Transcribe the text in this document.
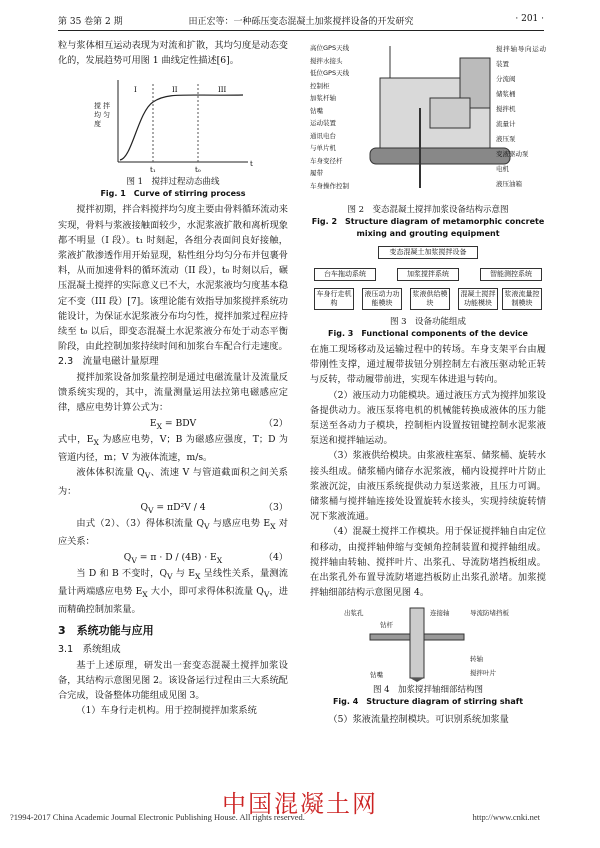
第 35 卷第 2 期	田正宏等：一种砾压变态混凝土加浆搅拌设备的开发研究	· 201 ·

粒与浆体相互运动表现为对流和扩散，其均匀度是动态变化的，发展趋势可用图 1 曲线定性描述[6]。

I	II	III
t₁	t₀
t
搅拌均匀度
图 1　搅拌过程动态曲线
Fig. 1　Curve of stirring process

搅拌初期，拌合料搅拌均匀度主要由骨料循环流动来实现，骨料与浆液接触面较少，水泥浆液扩散和离析现象都不明显（I 段）。t₁ 时刻起，各组分表面间良好接触，浆液扩散渗透作用开始显现，粘性组分均匀分布并包裹骨料，从而加速骨料的循环流动（II 段），t₀ 时刻以后，碾压混凝土搅拌的实际意义已不大，水泥浆液均匀度基本稳定不变（III 段）[7]。该理论能有效指导加浆搅拌系统功能设计，为保证水泥浆液分布均匀性，搅拌加浆过程应持续至 t₀ 以后，即变态混凝土水泥浆液分布处于动态平衡阶段，由此控制加浆持续时间和加浆台车配合行走速度。

2.3　流量电磁计量原理

搅拌加浆设备加浆量控制是通过电磁流量计及流量反馈系统实现的，其中，流量测量运用法拉第电磁感应定律，感应电势计算公式为：

$E_X$ = BDV	（2）

式中，$E_X$ 为感应电势，V；B 为磁感应强度，T；D 为管道内径，m；V 为液体流速，m/s。

液体体积流量 $Q_V$、流速 V 与管道截面积之间关系为：

$Q_V = \pi D^2V / 4$	（3）

由式（2）、（3）得体积流量 $Q_V$ 与感应电势 $E_X$ 对应关系：

$Q_V = \pi \cdot D / (4B) \cdot E_X$	（4）

当 D 和 B 不变时，$Q_V$ 与 $E_X$ 呈线性关系，量测流量计两端感应电势 $E_X$ 大小，即可求得体积流量 $Q_V$，进而精确控制加浆量。

3　系统功能与应用

3.1　系统组成

基于上述原理，研发出一套变态混凝土搅拌加浆设备，其结构示意图见图 2。该设备运行过程由三大系统配合完成，设备整体功能组成见图 3。

（1）车身行走机构。用于控制搅拌加浆系统

高位GPS天线
搅拌水接头
低位GPS天线
控制柜
加浆杆轴
钻嘴
运动装置
通讯电台
与单片机
车身变径杆
履带
车身操作控制
搅拌轴导向运动装置
分流阀
储浆桶
搅拌机
流量计
液压泵
变液驱动泵
电机
液压油箱
图 2　变态混凝土搅拌加浆设备结构示意图
Fig. 2　Structure diagram of metamorphic concrete
mixing and grouting equipment
变态混凝土加浆搅拌设备
台车拖动系统	加浆搅拌系统	智能测控系统
车身行走机构
液压动力功能模块
浆液供给模块
混凝土搅拌功能模块
浆液流量控制模块
图 3　设备功能组成
Fig. 3　Functional components of the device

在施工现场移动及运输过程中的转场。车身支架平台由履带刚性支撑，通过履带拔钮分别控制左右液压驱动轮正转与反转，带动履带前进，实现车体进退与转向。

（2）液压动力功能模块。通过液压方式为搅拌加浆设备提供动力。液压泵将电机的机械能转换成液体的压力能泵送至各动力子模块，控制柜内设置按钮键控制水泥浆液泵送和搅拌轴运动。

（3）浆液供给模块。由浆液柱塞泵、储浆桶、旋转水接头组成。储浆桶内储存水泥浆液，桶内设搅拌叶片防止浆液沉淀，由液压系统提供动力泵送浆液，且压力可调。储浆桶与搅拌轴连接处设置旋转水接头，实现持续旋转情况下浆液流通。

（4）混凝土搅拌工作模块。用于保证搅拌轴自由定位和移动，由搅拌轴伸缩与变倾角控制装置和搅拌轴组成。搅拌轴由转轴、搅拌叶片、出浆孔、导流防堵挡板组成。在出浆孔外布置导流防堵遮挡板防止出浆孔淤堵。加浆搅拌轴细部结构示意图见图 4。

出浆孔	连接轴	导流防堵挡板
钻杆
钻嘴
转轴
搅拌叶片
图 4　加浆搅拌轴细部结构图
Fig. 4　Structure diagram of stirring shaft

（5）浆液流量控制模块。可识别系统加浆量

中国混凝土网
?1994-2017 China Academic Journal Electronic Publishing House. All rights reserved.	http://www.cnki.net
